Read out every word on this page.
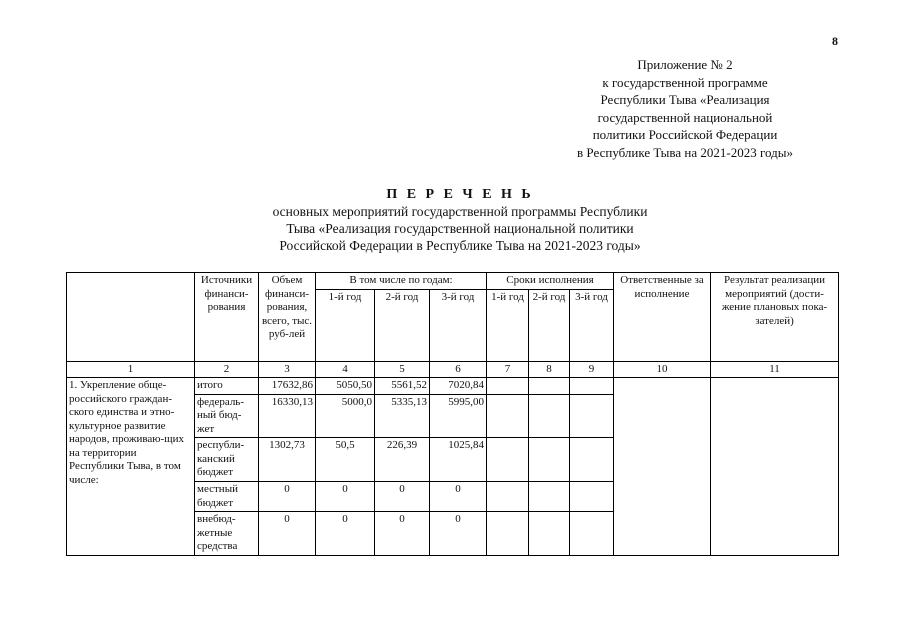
8
Приложение № 2
к государственной программе
Республики Тыва «Реализация
государственной национальной
политики Российской Федерации
в Республике Тыва на 2021-2023 годы»
П Е Р Е Ч Е Н Ь
основных мероприятий государственной программы Республики
Тыва «Реализация государственной национальной политики
Российской Федерации в Республике Тыва на 2021-2023 годы»
	Источники финанси-рования	Объем финанси-рования, всего, тыс. руб-лей	В том числе по годам:			Сроки исполнения			Ответственные за исполнение	Результат реализации мероприятий (дости-жение плановых пока-зателей)
			1-й год	2-й год	3-й год	1-й год	2-й год	3-й год		
1	2	3	4	5	6	7	8	9	10	11
1. Укрепление обще-российского граждан-ского единства и этно-культурное развитие народов, проживаю-щих на территории Республики Тыва, в том числе:	итого	17632,86	5050,50	5561,52	7020,84					
	федераль-ный бюд-жет	16330,13	5000,0	5335,13	5995,00					
	республи-канский бюджет	1302,73	50,5	226,39	1025,84					
	местный бюджет	0	0	0	0					
	внебюд-жетные средства	0	0	0	0					
